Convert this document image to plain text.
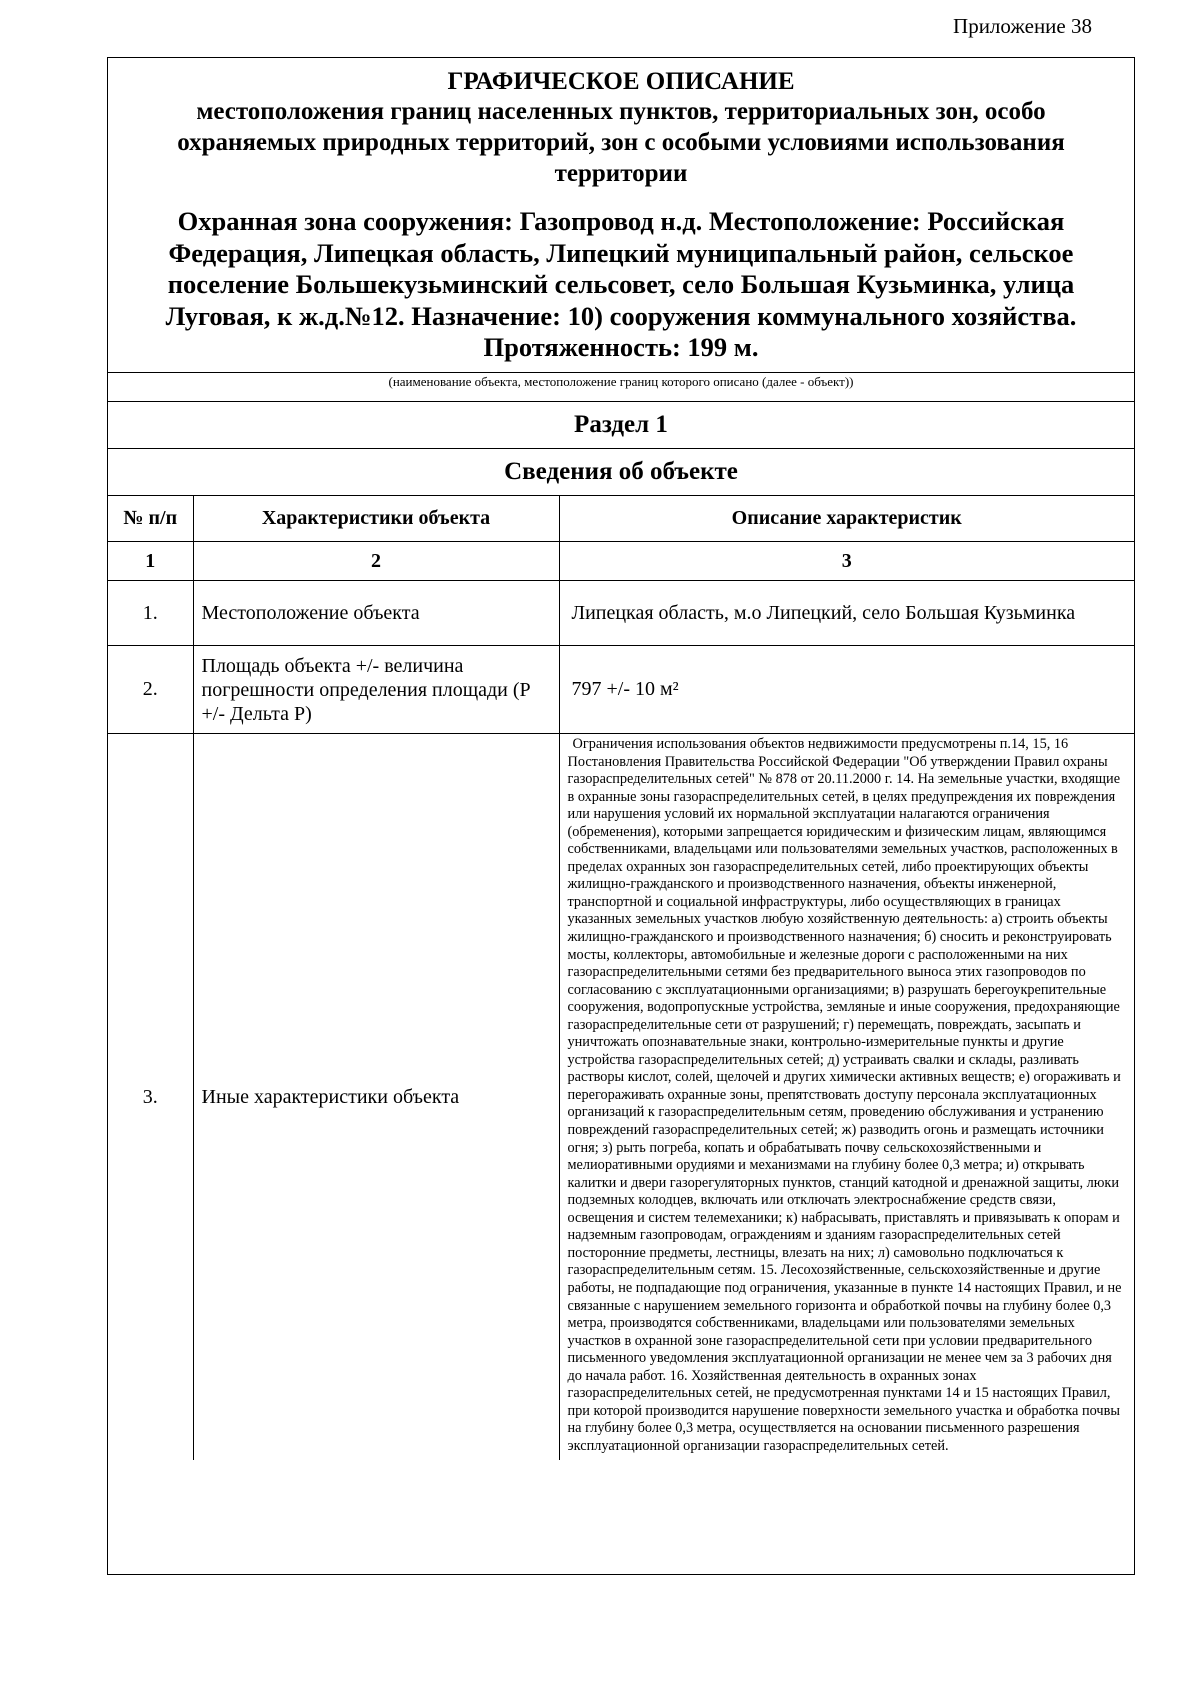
Приложение 38
ГРАФИЧЕСКОЕ ОПИСАНИЕ
местоположения границ населенных пунктов, территориальных зон, особо охраняемых природных территорий, зон с особыми условиями использования территории
Охранная зона сооружения: Газопровод н.д. Местоположение: Российская Федерация, Липецкая область, Липецкий муниципальный район, сельское поселение Большекузьминский сельсовет, село Большая Кузьминка, улица Луговая, к ж.д.№12. Назначение: 10) сооружения коммунального хозяйства. Протяженность: 199 м.
(наименование объекта, местоположение границ которого описано (далее - объект))
Раздел 1		
Сведения об объекте		
№ п/п	Характеристики объекта	Описание характеристик
1	2	3
1.	Местоположение объекта	Липецкая область, м.о Липецкий, село Большая Кузьминка
2.	Площадь объекта +/- величина погрешности определения площади (Р +/- Дельта Р)	797 +/- 10 м²
3.	Иные характеристики объекта	Ограничения использования объектов недвижимости предусмотрены п.14, 15, 16 Постановления Правительства Российской Федерации "Об утверждении Правил охраны газораспределительных сетей" № 878 от 20.11.2000 г. 14. На земельные участки, входящие в охранные зоны газораспределительных сетей, в целях предупреждения их повреждения или нарушения условий их нормальной эксплуатации налагаются ограничения (обременения), которыми запрещается юридическим и физическим лицам, являющимся собственниками, владельцами или пользователями земельных участков, расположенных в пределах охранных зон газораспределительных сетей, либо проектирующих объекты жилищно-гражданского и производственного назначения, объекты инженерной, транспортной и социальной инфраструктуры, либо осуществляющих в границах указанных земельных участков любую хозяйственную деятельность: а) строить объекты жилищно-гражданского и производственного назначения; б) сносить и реконструировать мосты, коллекторы, автомобильные и железные дороги с расположенными на них газораспределительными сетями без предварительного выноса этих газопроводов по согласованию с эксплуатационными организациями; в) разрушать берегоукрепительные сооружения, водопропускные устройства, земляные и иные сооружения, предохраняющие газораспределительные сети от разрушений; г) перемещать, повреждать, засыпать и уничтожать опознавательные знаки, контрольно-измерительные пункты и другие устройства газораспределительных сетей; д) устраивать свалки и склады, разливать растворы кислот, солей, щелочей и других химически активных веществ; е) огораживать и перегораживать охранные зоны, препятствовать доступу персонала эксплуатационных организаций к газораспределительным сетям, проведению обслуживания и устранению повреждений газораспределительных сетей; ж) разводить огонь и размещать источники огня; з) рыть погреба, копать и обрабатывать почву сельскохозяйственными и мелиоративными орудиями и механизмами на глубину более 0,3 метра; и) открывать калитки и двери газорегуляторных пунктов, станций катодной и дренажной защиты, люки подземных колодцев, включать или отключать электроснабжение средств связи, освещения и систем телемеханики; к) набрасывать, приставлять и привязывать к опорам и надземным газопроводам, ограждениям и зданиям газораспределительных сетей посторонние предметы, лестницы, влезать на них; л) самовольно подключаться к газораспределительным сетям. 15. Лесохозяйственные, сельскохозяйственные и другие работы, не подпадающие под ограничения, указанные в пункте 14 настоящих Правил, и не связанные с нарушением земельного горизонта и обработкой почвы на глубину более 0,3 метра, производятся собственниками, владельцами или пользователями земельных участков в охранной зоне газораспределительной сети при условии предварительного письменного уведомления эксплуатационной организации не менее чем за 3 рабочих дня до начала работ. 16. Хозяйственная деятельность в охранных зонах газораспределительных сетей, не предусмотренная пунктами 14 и 15 настоящих Правил, при которой производится нарушение поверхности земельного участка и обработка почвы на глубину более 0,3 метра, осуществляется на основании письменного разрешения эксплуатационной организации газораспределительных сетей.
